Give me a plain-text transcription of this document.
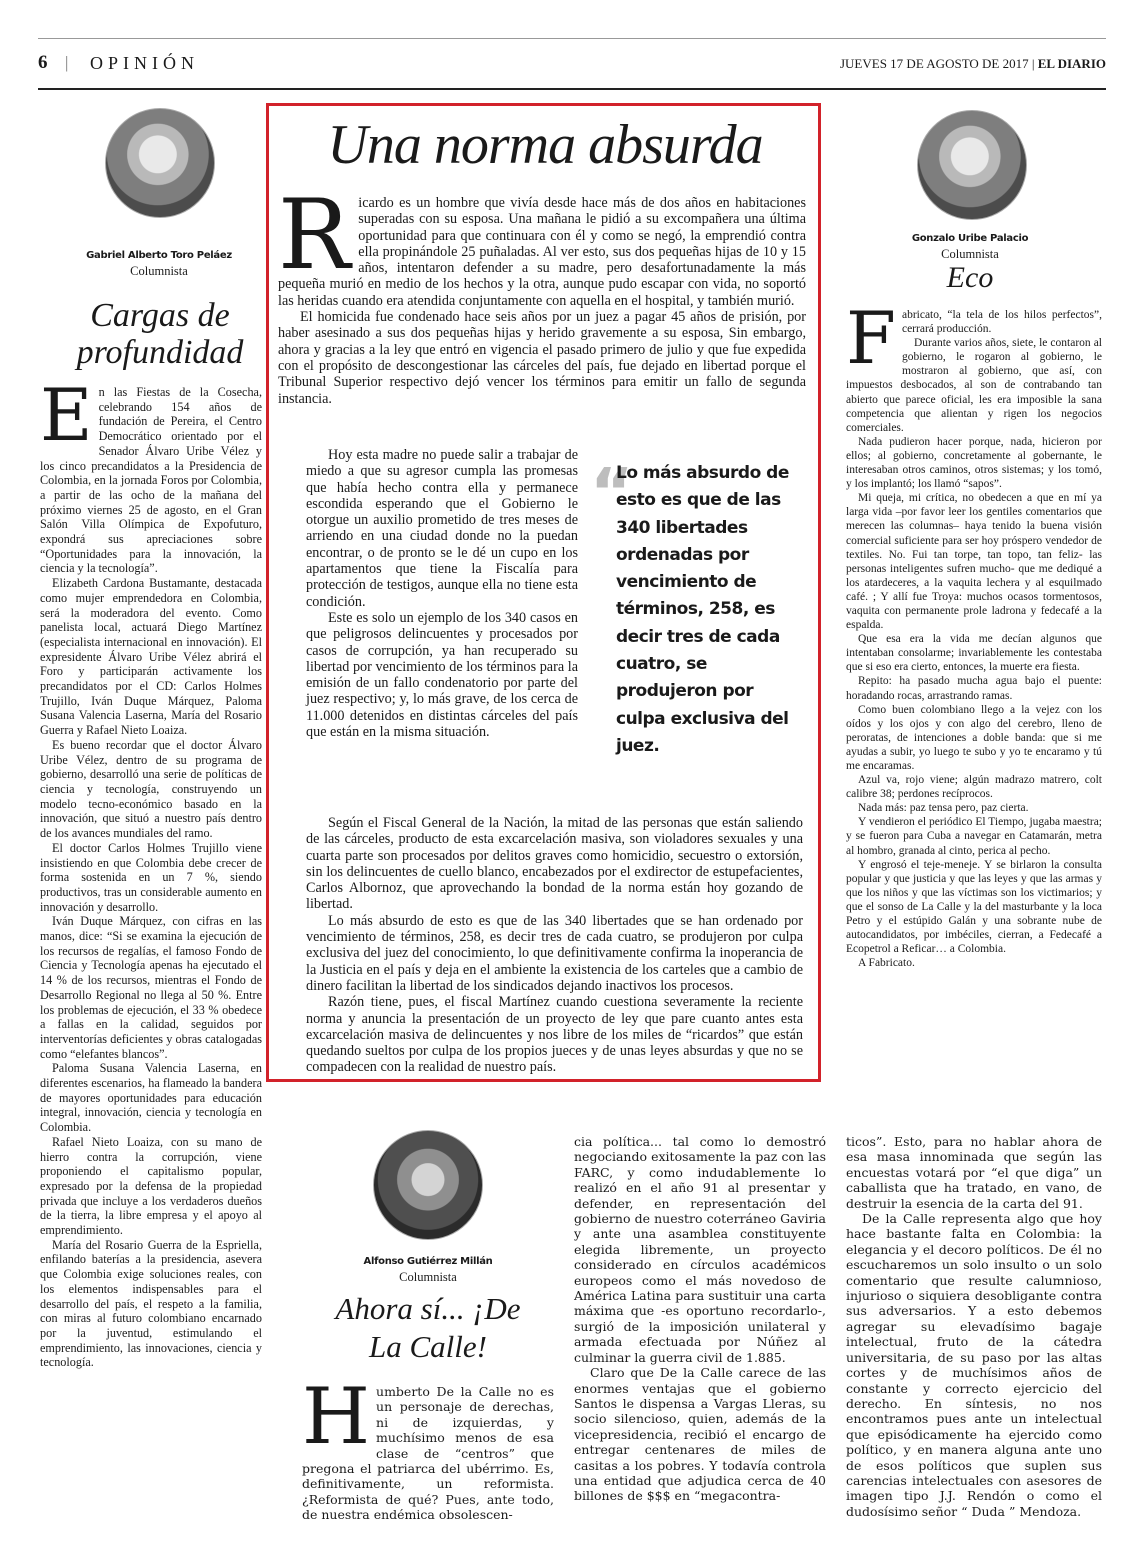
6 | OPINIÓN	JUEVES 17 DE AGOSTO DE 2017 | EL DIARIO
Gabriel Alberto Toro Peláez
Columnista
Cargas de profundidad

En las Fiestas de la Cosecha, celebrando 154 años de fundación de Pereira, el Centro Democrático orientado por el Senador Álvaro Uribe Vélez y los cinco precandidatos a la Presidencia de Colombia, en la jornada Foros por Colombia, a partir de las ocho de la mañana del próximo viernes 25 de agosto, en el Gran Salón Villa Olímpica de Expofuturo, expondrá sus apreciaciones sobre “Oportunidades para la innovación, la ciencia y la tecnología”.

Elizabeth Cardona Bustamante, destacada como mujer emprendedora en Colombia, será la moderadora del evento. Como panelista local, actuará Diego Martínez (especialista internacional en innovación). El expresidente Álvaro Uribe Vélez abrirá el Foro y participarán activamente los precandidatos por el CD: Carlos Holmes Trujillo, Iván Duque Márquez, Paloma Susana Valencia Laserna, María del Rosario Guerra y Rafael Nieto Loaiza.

Es bueno recordar que el doctor Álvaro Uribe Vélez, dentro de su programa de gobierno, desarrolló una serie de políticas de ciencia y tecnología, construyendo un modelo tecno-económico basado en la innovación, que situó a nuestro país dentro de los avances mundiales del ramo.

El doctor Carlos Holmes Trujillo viene insistiendo en que Colombia debe crecer de forma sostenida en un 7 %, siendo productivos, tras un considerable aumento en innovación y desarrollo.

Iván Duque Márquez, con cifras en las manos, dice: “Si se examina la ejecución de los recursos de regalías, el famoso Fondo de Ciencia y Tecnología apenas ha ejecutado el 14 % de los recursos, mientras el Fondo de Desarrollo Regional no llega al 50 %. Entre los problemas de ejecución, el 33 % obedece a fallas en la calidad, seguidos por interventorías deficientes y obras catalogadas como “elefantes blancos”.

Paloma Susana Valencia Laserna, en diferentes escenarios, ha flameado la bandera de mayores oportunidades para educación integral, innovación, ciencia y tecnología en Colombia.

Rafael Nieto Loaiza, con su mano de hierro contra la corrupción, viene proponiendo el capitalismo popular, expresado por la defensa de la propiedad privada que incluye a los verdaderos dueños de la tierra, la libre empresa y el apoyo al emprendimiento.

María del Rosario Guerra de la Espriella, enfilando baterías a la presidencia, asevera que Colombia exige soluciones reales, con los elementos indispensables para el desarrollo del país, el respeto a la familia, con miras al futuro colombiano encarnado por la juventud, estimulando el emprendimiento, las innovaciones, ciencia y tecnología.

Una norma absurda

Ricardo es un hombre que vivía desde hace más de dos años en habitaciones superadas con su esposa. Una mañana le pidió a su excompañera una última oportunidad para que continuara con él y como se negó, la emprendió contra ella propinándole 25 puñaladas. Al ver esto, sus dos pequeñas hijas de 10 y 15 años, intentaron defender a su madre, pero desafortunadamente la más pequeña murió en medio de los hechos y la otra, aunque pudo escapar con vida, no soportó las heridas cuando era atendida conjuntamente con aquella en el hospital, y también murió.

El homicida fue condenado hace seis años por un juez a pagar 45 años de prisión, por haber asesinado a sus dos pequeñas hijas y herido gravemente a su esposa, Sin embargo, ahora y gracias a la ley que entró en vigencia el pasado primero de julio y que fue expedida con el propósito de descongestionar las cárceles del país, fue dejado en libertad porque el Tribunal Superior respectivo dejó vencer los términos para emitir un fallo de segunda instancia.

Hoy esta madre no puede salir a trabajar de miedo a que su agresor cumpla las promesas que había hecho contra ella y permanece escondida esperando que el Gobierno le otorgue un auxilio prometido de tres meses de arriendo en una ciudad donde no la puedan encontrar, o de pronto se le dé un cupo en los apartamentos que tiene la Fiscalía para protección de testigos, aunque ella no tiene esta condición.

Este es solo un ejemplo de los 340 casos en que peligrosos delincuentes y procesados por casos de corrupción, ya han recuperado su libertad por vencimiento de los términos para la emisión de un fallo condenatorio por parte del juez respectivo; y, lo más grave, de los cerca de 11.000 detenidos en distintas cárceles del país que están en la misma situación.

“
Lo más absurdo de esto es que de las 340 libertades ordenadas por vencimiento de términos, 258, es decir tres de cada cuatro, se produjeron por culpa exclusiva del juez.

Según el Fiscal General de la Nación, la mitad de las personas que están saliendo de las cárceles, producto de esta excarcelación masiva, son violadores sexuales y una cuarta parte son procesados por delitos graves como homicidio, secuestro o extorsión, sin los delincuentes de cuello blanco, encabezados por el exdirector de estupefacientes, Carlos Albornoz, que aprovechando la bondad de la norma están hoy gozando de libertad.

Lo más absurdo de esto es que de las 340 libertades que se han ordenado por vencimiento de términos, 258, es decir tres de cada cuatro, se produjeron por culpa exclusiva del juez del conocimiento, lo que definitivamente confirma la inoperancia de la Justicia en el país y deja en el ambiente la existencia de los carteles que a cambio de dinero facilitan la libertad de los sindicados dejando inactivos los procesos.

Razón tiene, pues, el fiscal Martínez cuando cuestiona severamente la reciente norma y anuncia la presentación de un proyecto de ley que pare cuanto antes esta excarcelación masiva de delincuentes y nos libre de los miles de “ricardos” que están quedando sueltos por culpa de los propios jueces y de unas leyes absurdas y que no se compadecen con la realidad de nuestro país.

Gonzalo Uribe Palacio
Columnista
Eco

Fabricato, “la tela de los hilos perfectos”, cerrará producción.

Durante varios años, siete, le contaron al gobierno, le rogaron al gobierno, le mostraron al gobierno, que así, con impuestos desbocados, al son de contrabando tan abierto que parece oficial, les era imposible la sana competencia que alientan y rigen los negocios comerciales.

Nada pudieron hacer porque, nada, hicieron por ellos; al gobierno, concretamente al gobernante, le interesaban otros caminos, otros sistemas; y los tomó, y los implantó; los llamó “sapos”.

Mi queja, mi crítica, no obedecen a que en mí ya larga vida –por favor leer los gentiles comentarios que merecen las columnas– haya tenido la buena visión comercial suficiente para ser hoy próspero vendedor de textiles. No. Fui tan torpe, tan topo, tan feliz- las personas inteligentes sufren mucho- que me dediqué a los atardeceres, a la vaquita lechera y al esquilmado café. ; Y allí fue Troya: muchos ocasos tormentosos, vaquita con permanente prole ladrona y fedecafé a la espalda.

Que esa era la vida me decían algunos que intentaban consolarme; invariablemente les contestaba que si eso era cierto, entonces, la muerte era fiesta.

Repito: ha pasado mucha agua bajo el puente: horadando rocas, arrastrando ramas.

Como buen colombiano llego a la vejez con los oídos y los ojos y con algo del cerebro, lleno de peroratas, de intenciones a doble banda: que si me ayudas a subir, yo luego te subo y yo te encaramo y tú me encaramas.

Azul va, rojo viene; algún madrazo matrero, colt calibre 38; perdones recíprocos.

Nada más: paz tensa pero, paz cierta.

Y vendieron el periódico El Tiempo, jugaba maestra; y se fueron para Cuba a navegar en Catamarán, metra al hombro, granada al cinto, perica al pecho.

Y engrosó el teje-meneje. Y se birlaron la consulta popular y que justicia y que las leyes y que las armas y que los niños y que las víctimas son los victimarios; y que el sonso de La Calle y la del masturbante y la loca Petro y el estúpido Galán y una sobrante nube de autocandidatos, por imbéciles, cierran, a Fedecafé a Ecopetrol a Reficar… a Colombia.

A Fabricato.

Alfonso Gutiérrez Millán
Columnista
Ahora sí... ¡De La Calle!

Humberto De la Calle no es un personaje de derechas, ni de izquierdas, y muchísimo menos de esa clase de “centros” que pregona el patriarca del ubérrimo. Es, definitivamente, un reformista. ¿Reformista de qué? Pues, ante todo, de nuestra endémica obsolescen-

cia política... tal como lo demostró negociando exitosamente la paz con las FARC, y como indudablemente lo realizó en el año 91 al presentar y defender, en representación del gobierno de nuestro coterráneo Gaviria y ante una asamblea constituyente elegida libremente, un proyecto considerado en círculos académicos europeos como el más novedoso de América Latina para sustituir una carta máxima que -es oportuno recordarlo-, surgió de la imposición unilateral y armada efectuada por Núñez al culminar la guerra civil de 1.885.

Claro que De la Calle carece de las enormes ventajas que el gobierno Santos le dispensa a Vargas Lleras, su socio silencioso, quien, además de la vicepresidencia, recibió el encargo de entregar centenares de miles de casitas a los pobres. Y todavía controla una entidad que adjudica cerca de 40 billones de $$$ en “megacontra-

ticos”. Esto, para no hablar ahora de esa masa innominada que según las encuestas votará por “el que diga” un caballista que ha tratado, en vano, de destruir la esencia de la carta del 91.

De la Calle representa algo que hoy hace bastante falta en Colombia: la elegancia y el decoro políticos. De él no escucharemos un solo insulto o un solo comentario que resulte calumnioso, injurioso o siquiera desobligante contra sus adversarios. Y a esto debemos agregar su elevadísimo bagaje intelectual, fruto de la cátedra universitaria, de su paso por las altas cortes y de muchísimos años de constante y correcto ejercicio del derecho. En síntesis, no nos encontramos pues ante un intelectual que episódicamente ha ejercido como político, y en manera alguna ante uno de esos políticos que suplen sus carencias intelectuales con asesores de imagen tipo J.J. Rendón o como el dudosísimo señor “ Duda ” Mendoza.
